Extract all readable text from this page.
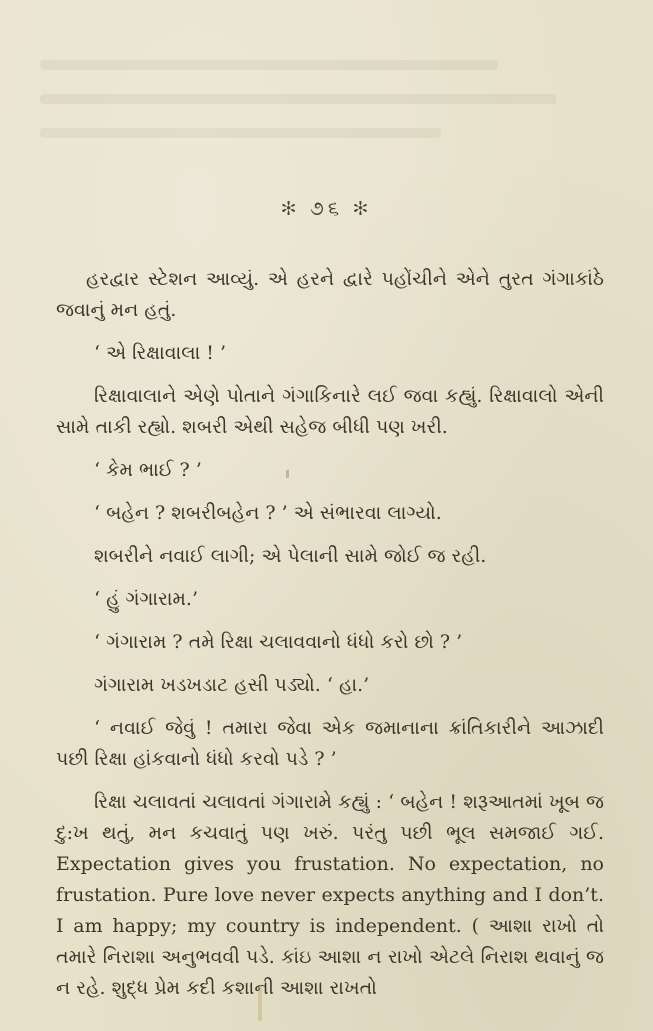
✻ ૭૬ ✻

હરદ્વાર સ્ટેશન આવ્યું. એ હરને દ્વારે પહોંચીને એને તુરત ગંગાકાંઠે જવાનું મન હતું.

‘ એ રિક્ષાવાલા ! ’

રિક્ષાવાલાને એણે પોતાને ગંગાકિનારે લઈ જવા કહ્યું. રિક્ષાવાલો એની સામે તાકી રહ્યો. શબરી એથી સહેજ બીધી પણ ખરી.

‘ કેમ ભાઈ ? ’

‘ બહેન ? શબરીબહેન ? ’ એ સંભારવા લાગ્યો.

શબરીને નવાઈ લાગી; એ પેલાની સામે જોઈ જ રહી.

‘ હું ગંગારામ.’

‘ ગંગારામ ? તમે રિક્ષા ચલાવવાનો ધંધો કરો છો ? ’

ગંગારામ ખડખડાટ હસી પડ્યો. ‘ હા.’

‘ નવાઈ જેવું ! તમારા જેવા એક જમાનાના ક્રાંતિકારીને આઝાદી પછી રિક્ષા હાંકવાનો ધંધો કરવો પડે ? ’

રિક્ષા ચલાવતાં ચલાવતાં ગંગારામે કહ્યું : ‘ બહેન ! શરૂઆતમાં ખૂબ જ દુ:ખ થતું, મન કચવાતું પણ ખરું. પરંતુ પછી ભૂલ સમજાઈ ગઈ. Expectation gives you frustation. No expectation, no frustation. Pure love never expects anything and I don’t. I am happy; my country is independent. ( આશા રાખો તો તમારે નિરાશા અનુભવવી પડે. કાંઇ આશા ન રાખો એટલે નિરાશ થવાનું જ ન રહે. શુદ્ધ પ્રેમ કદી કશાની આશા રાખતો
